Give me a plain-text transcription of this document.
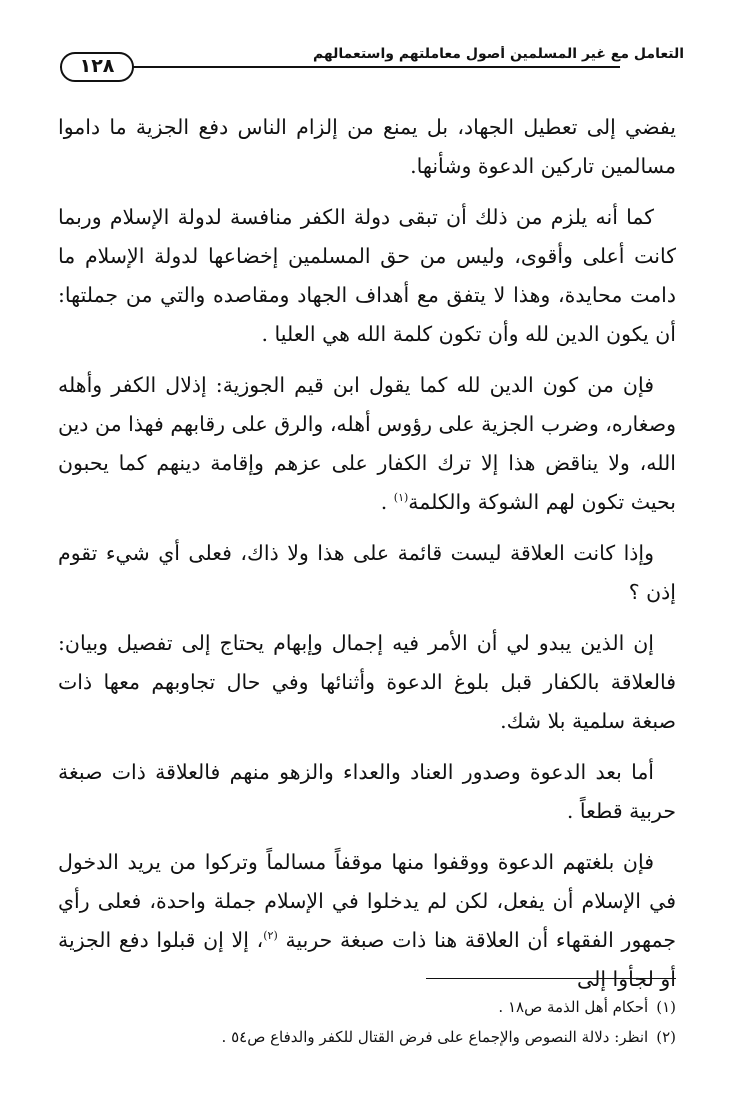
التعامل مع غير المسلمين أصول معاملتهم واستعمالهم
١٢٨

يفضي إلى تعطيل الجهاد، بل يمنع من إلزام الناس دفع الجزية ما داموا مسالمين تاركين الدعوة وشأنها.

كما أنه يلزم من ذلك أن تبقى دولة الكفر منافسة لدولة الإسلام وربما كانت أعلى وأقوى، وليس من حق المسلمين إخضاعها لدولة الإسلام ما دامت محايدة، وهذا لا يتفق مع أهداف الجهاد ومقاصده والتي من جملتها: أن يكون الدين لله وأن تكون كلمة الله هي العليا .

فإن من كون الدين لله كما يقول ابن قيم الجوزية: إذلال الكفر وأهله وصغاره، وضرب الجزية على رؤوس أهله، والرق على رقابهم فهذا من دين الله، ولا يناقض هذا إلا ترك الكفار على عزهم وإقامة دينهم كما يحبون بحيث تكون لهم الشوكة والكلمة$^{(١)}$ .

وإذا كانت العلاقة ليست قائمة على هذا ولا ذاك، فعلى أي شيء تقوم إذن ؟

إن الذين يبدو لي أن الأمر فيه إجمال وإبهام يحتاج إلى تفصيل وبيان: فالعلاقة بالكفار قبل بلوغ الدعوة وأثنائها وفي حال تجاوبهم معها ذات صبغة سلمية بلا شك.

أما بعد الدعوة وصدور العناد والعداء والزهو منهم فالعلاقة ذات صبغة حربية قطعاً .

فإن بلغتهم الدعوة ووقفوا منها موقفاً مسالماً وتركوا من يريد الدخول في الإسلام أن يفعل، لكن لم يدخلوا في الإسلام جملة واحدة، فعلى رأي جمهور الفقهاء أن العلاقة هنا ذات صبغة حربية $^{(٢)}$، إلا إن قبلوا دفع الجزية أو لجأوا إلى

(١)أحكام أهل الذمة ص١٨ .

(٢)انظر: دلالة النصوص والإجماع على فرض القتال للكفر والدفاع ص٥٤ .
